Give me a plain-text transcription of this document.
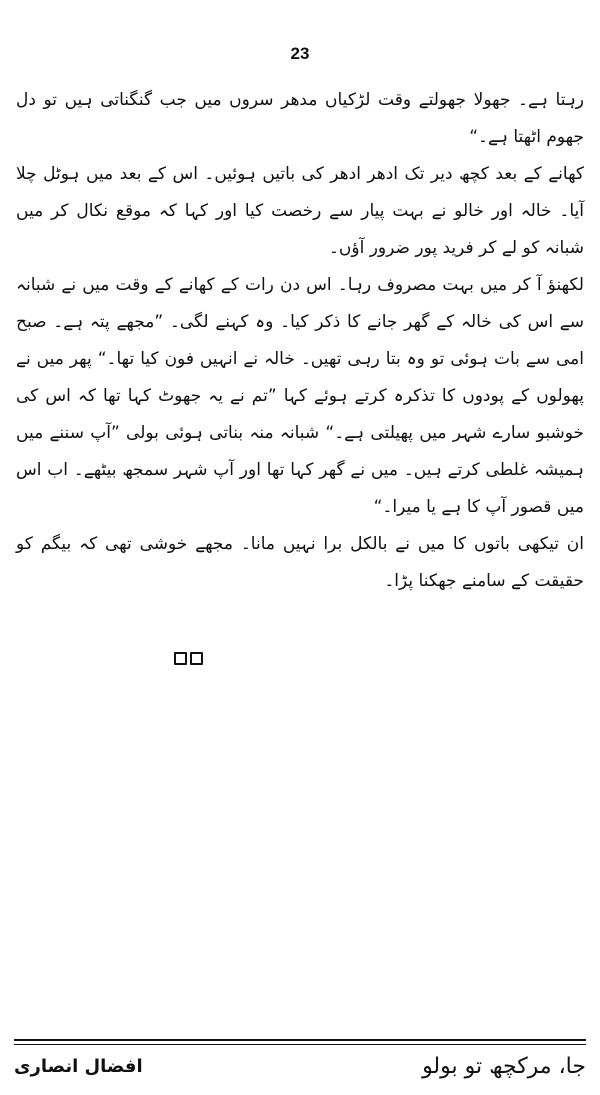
23

رہتا ہے۔ جھولا جھولتے وقت لڑکیاں مدھر سروں میں جب گنگناتی ہیں تو دل جھوم اٹھتا ہے۔“

کھانے کے بعد کچھ دیر تک ادھر ادھر کی باتیں ہوئیں۔ اس کے بعد میں ہوٹل چلا آیا۔ خالہ اور خالو نے بہت پیار سے رخصت کیا اور کہا کہ موقع نکال کر میں شبانہ کو لے کر فرید پور ضرور آؤں۔

لکھنؤ آ کر میں بہت مصروف رہا۔ اس دن رات کے کھانے کے وقت میں نے شبانہ سے اس کی خالہ کے گھر جانے کا ذکر کیا۔ وہ کہنے لگی۔ ”مجھے پتہ ہے۔ صبح امی سے بات ہوئی تو وہ بتا رہی تھیں۔ خالہ نے انہیں فون کیا تھا۔“ پھر میں نے پھولوں کے پودوں کا تذکرہ کرتے ہوئے کہا ”تم نے یہ جھوٹ کہا تھا کہ اس کی خوشبو سارے شہر میں پھیلتی ہے۔“ شبانہ منہ بناتی ہوئی بولی ”آپ سننے میں ہمیشہ غلطی کرتے ہیں۔ میں نے گھر کہا تھا اور آپ شہر سمجھ بیٹھے۔ اب اس میں قصور آپ کا ہے یا میرا۔“

ان تیکھی باتوں کا میں نے بالکل برا نہیں مانا۔ مجھے خوشی تھی کہ بیگم کو حقیقت کے سامنے جھکنا پڑا۔

جا، مرکچھ تو بولو
افضال انصاری
